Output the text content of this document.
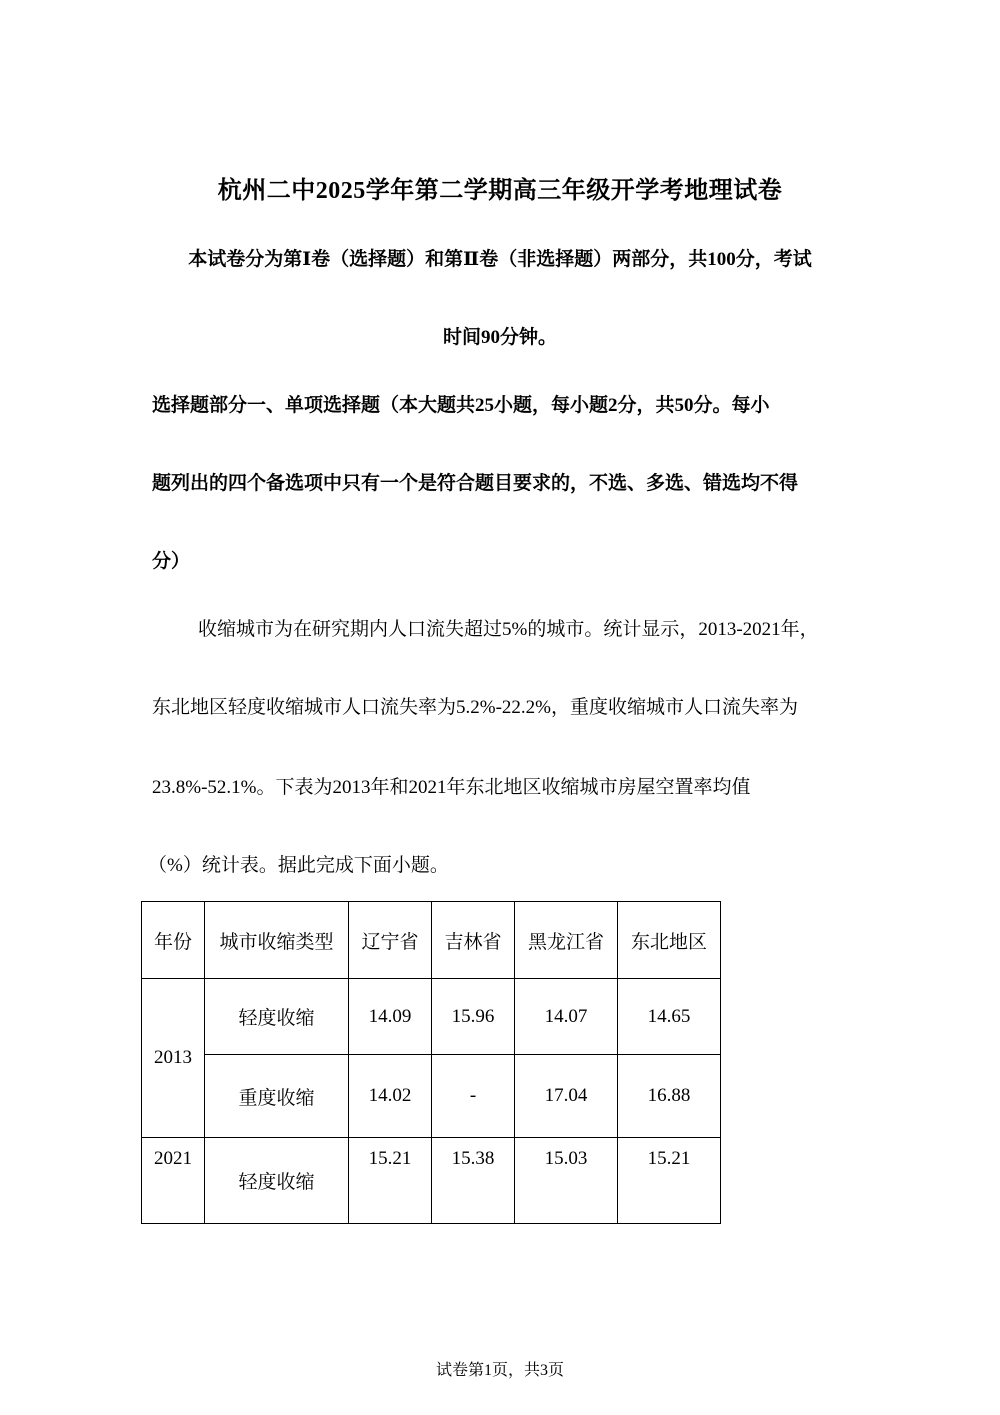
杭州二中2025学年第二学期高三年级开学考地理试卷
本试卷分为第Ⅰ卷（选择题）和第Ⅱ卷（非选择题）两部分，共100分，考试
时间90分钟。
选择题部分一、单项选择题（本大题共25小题，每小题2分，共50分。每小
题列出的四个备选项中只有一个是符合题目要求的，不选、多选、错选均不得
分）
收缩城市为在研究期内人口流失超过5%的城市。统计显示，2013-2021年，
东北地区轻度收缩城市人口流失率为5.2%-22.2%，重度收缩城市人口流失率为
23.8%-52.1%。下表为2013年和2021年东北地区收缩城市房屋空置率均值
（%）统计表。据此完成下面小题。
年份	城市收缩类型	辽宁省	吉林省	黑龙江省	东北地区
2013	轻度收缩	14.09	15.96	14.07	14.65
	重度收缩	14.02	-	17.04	16.88
2021	轻度收缩	15.21	15.38	15.03	15.21
试卷第1页，共3页
